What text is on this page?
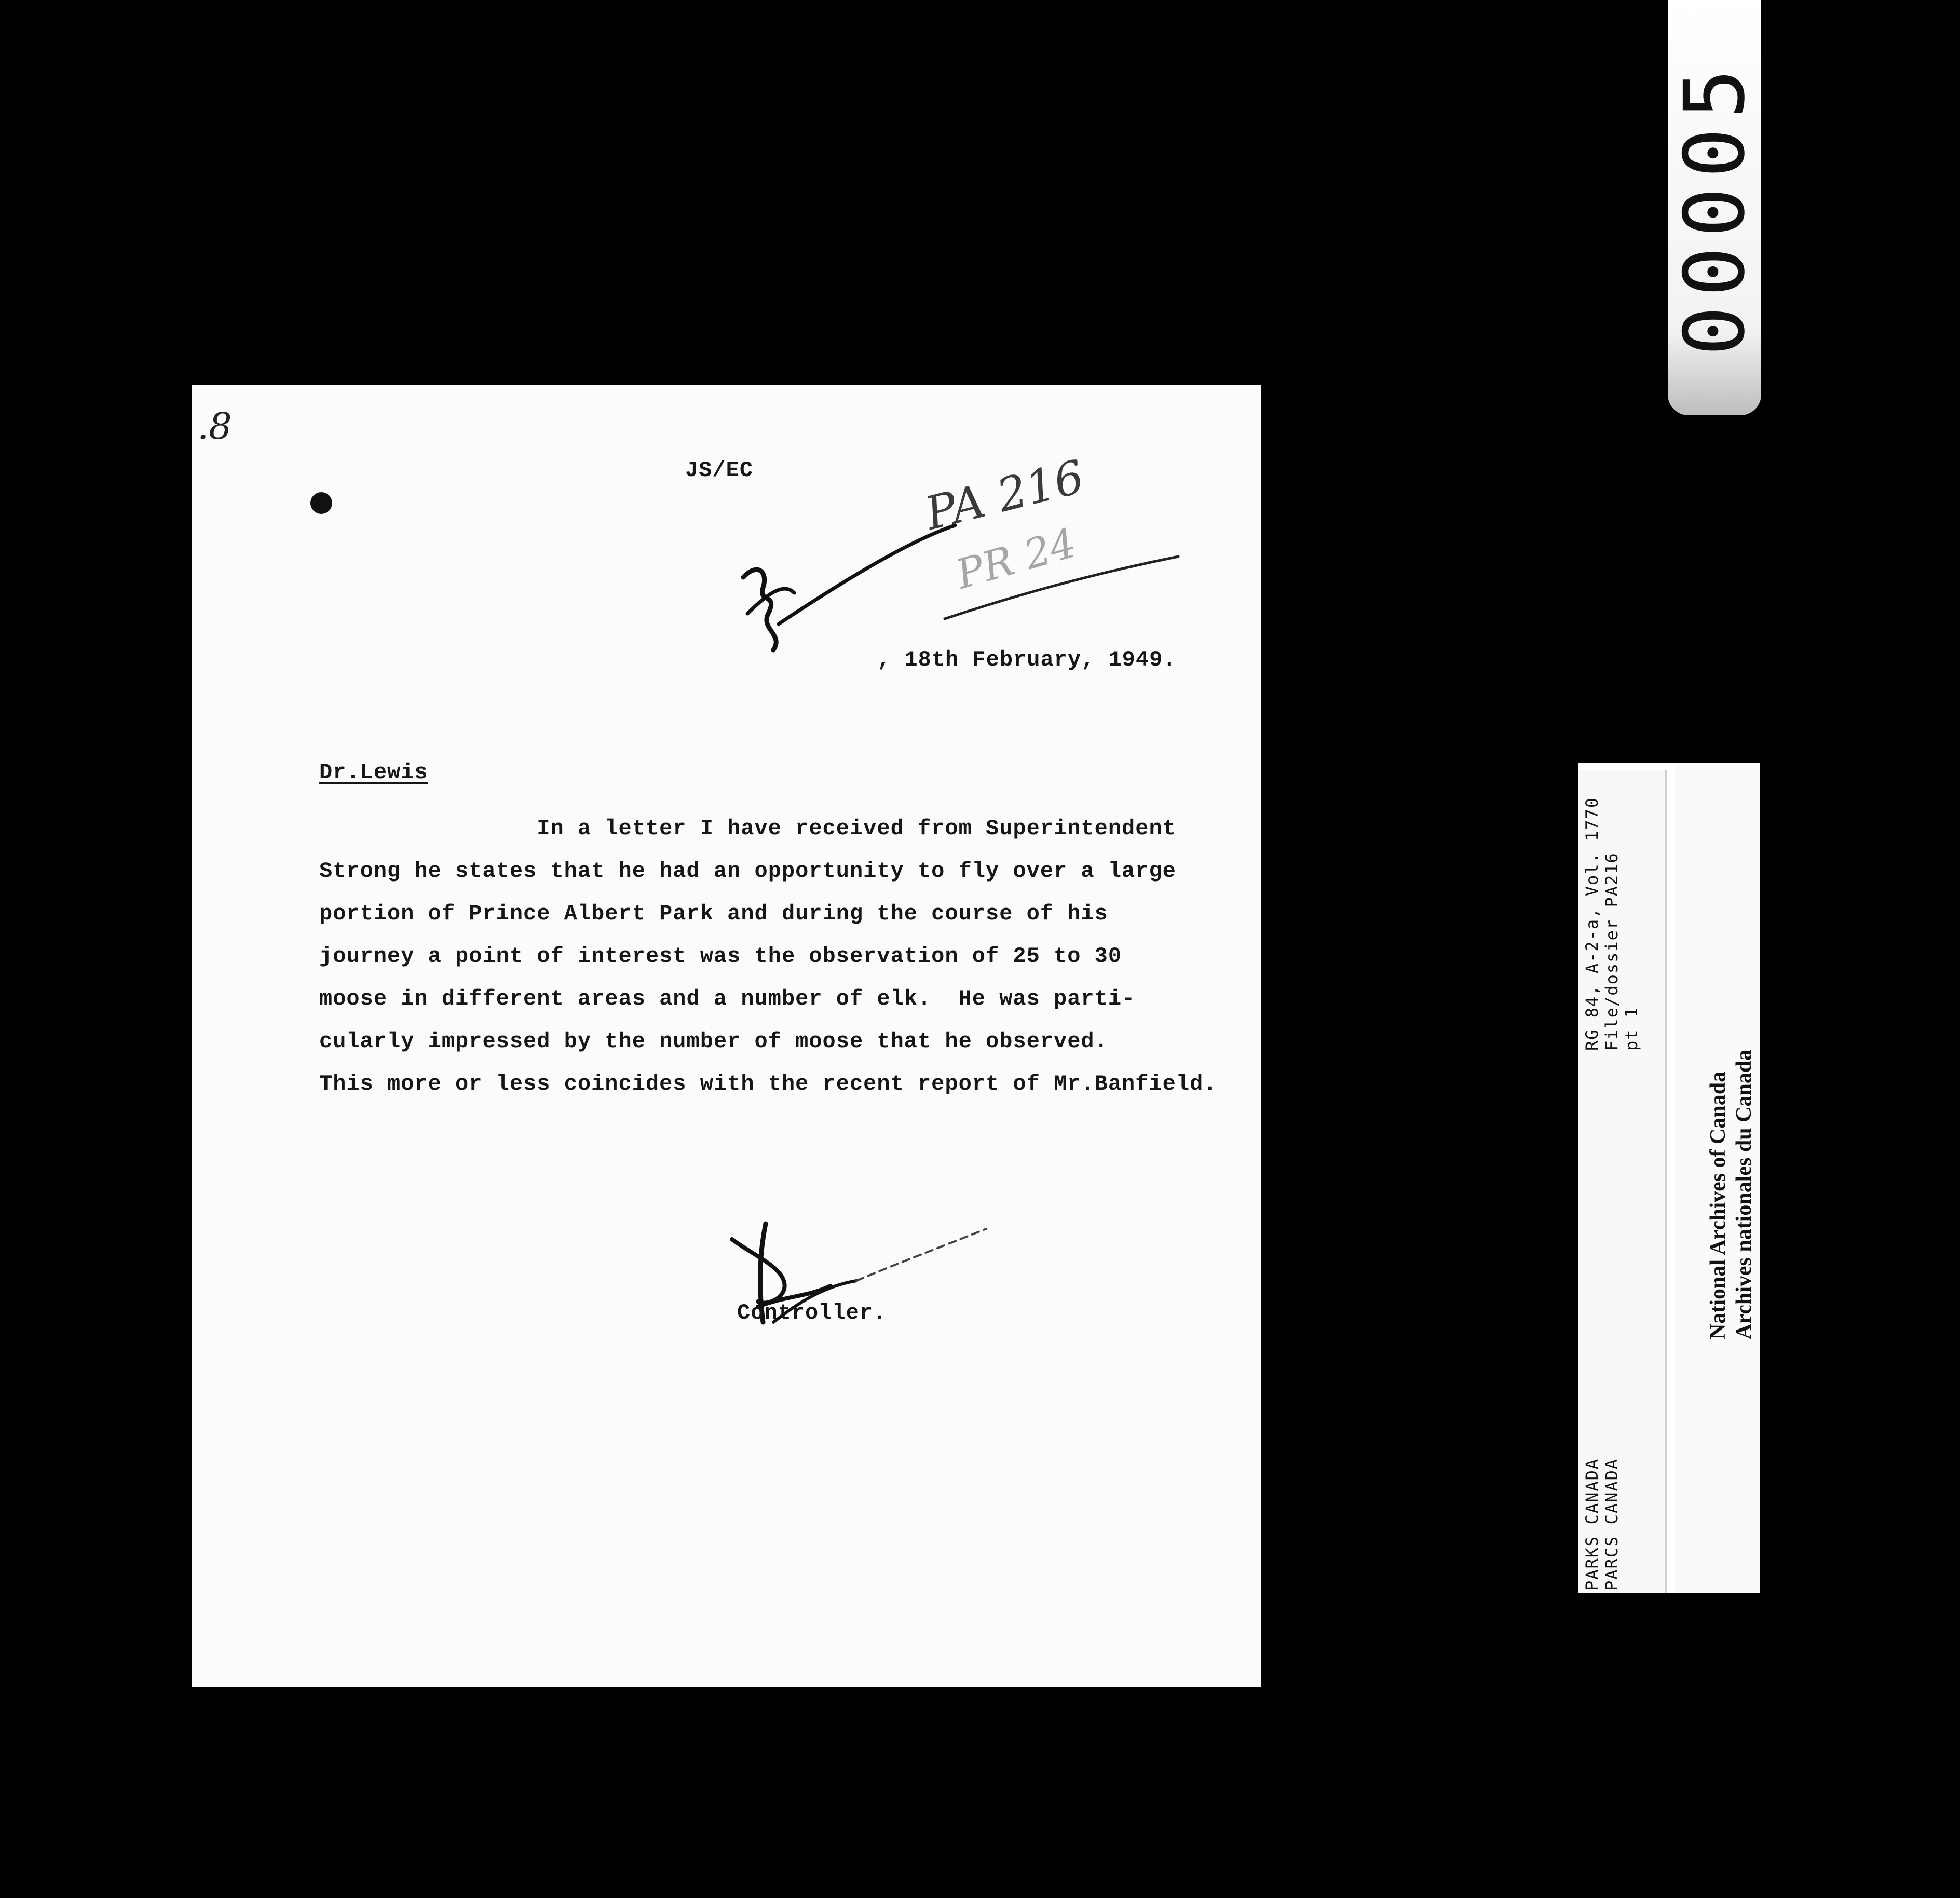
.8
JS/EC	PA 216
PR 24
, 18th February, 1949.
Dr.Lewis
In a letter I have received from Superintendent
Strong he states that he had an opportunity to fly over a large
portion of Prince Albert Park and during the course of his
journey a point of interest was the observation of 25 to 30
moose in different areas and a number of elk.  He was parti-
cularly impressed by the number of moose that he observed.
This more or less coincides with the recent report of Mr.Banfield.
Controller.
00005
RG 84, A-2-a, Vol. 1770 File/dossier PA216 pt 1
PARKS CANADA PARCS CANADA
National Archives of Canada Archives nationales du Canada
